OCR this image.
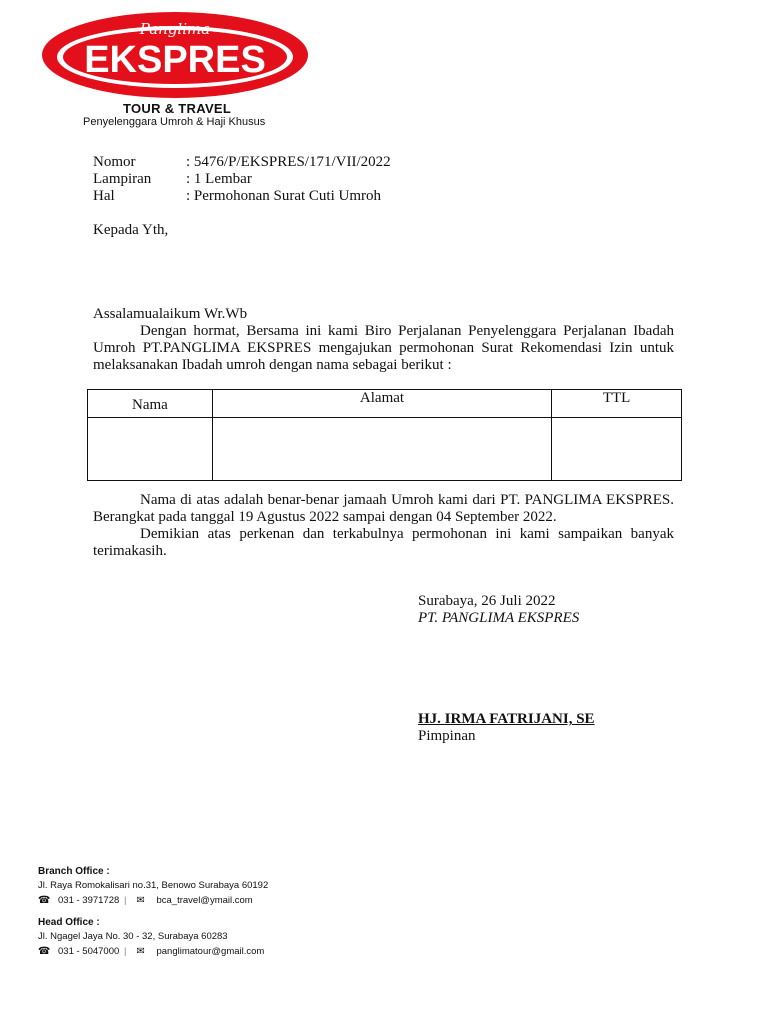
Panglima
EKSPRES
TOUR & TRAVEL
Penyelenggara Umroh & Haji Khusus
Nomor	: 5476/P/EKSPRES/171/VII/2022
Lampiran	: 1 Lembar
Hal	: Permohonan Surat Cuti Umroh
Kepada Yth,

Assalamualaikum Wr.Wb

Dengan hormat, Bersama ini kami Biro Perjalanan Penyelenggara Perjalanan Ibadah Umroh PT.PANGLIMA EKSPRES mengajukan permohonan Surat Rekomendasi Izin untuk melaksanakan Ibadah umroh dengan nama sebagai berikut :

Nama	Alamat	TTL

Nama di atas adalah benar-benar jamaah Umroh kami dari PT. PANGLIMA EKSPRES. Berangkat pada tanggal 19 Agustus 2022 sampai dengan 04 September 2022.

Demikian atas perkenan dan terkabulnya permohonan ini kami sampaikan banyak terimakasih.

Surabaya, 26 Juli 2022
PT. PANGLIMA EKSPRES
HJ. IRMA FATRIJANI, SE
Pimpinan
Branch Office :
Jl. Raya Romokalisari no.31, Benowo Surabaya 60192
☎ 031 - 3971728 | ✉	bca_travel@ymail.com
Head Office :
Jl. Ngagel Jaya No. 30 - 32, Surabaya 60283
☎ 031 - 5047000 | ✉	panglimatour@gmail.com
